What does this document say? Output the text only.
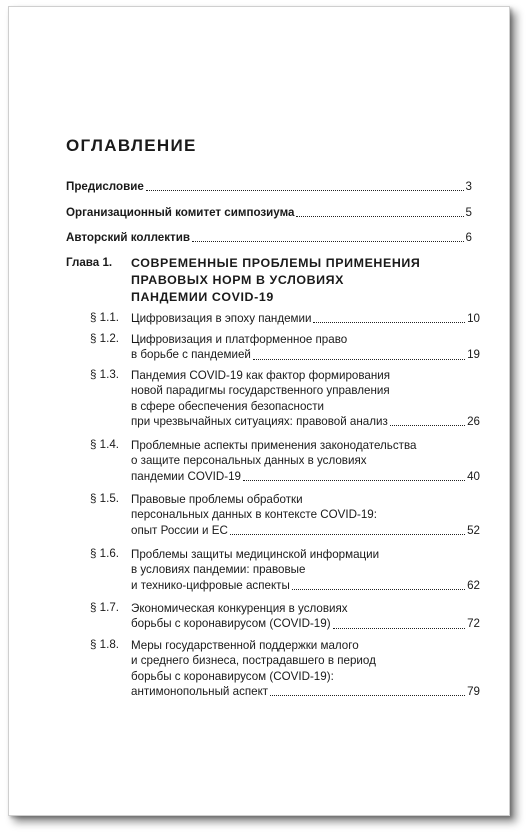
ОГЛАВЛЕНИЕ
Предисловие	3
Организационный комитет симпозиума	5
Авторский коллектив	6
Глава 1. СОВРЕМЕННЫЕ ПРОБЛЕМЫ ПРИМЕНЕНИЯ
ПРАВОВЫХ НОРМ В УСЛОВИЯХ
ПАНДЕМИИ COVID-19
§ 1.1. Цифровизация в эпоху пандемии	10
§ 1.2. Цифровизация и платформенное право
в борьбе с пандемией	19
§ 1.3. Пандемия COVID-19 как фактор формирования
новой парадигмы государственного управления
в сфере обеспечения безопасности
при чрезвычайных ситуациях: правовой анализ	26
§ 1.4. Проблемные аспекты применения законодательства
о защите персональных данных в условиях
пандемии COVID-19	40
§ 1.5. Правовые проблемы обработки
персональных данных в контексте COVID-19:
опыт России и ЕС	52
§ 1.6. Проблемы защиты медицинской информации
в условиях пандемии: правовые
и технико-цифровые аспекты	62
§ 1.7. Экономическая конкуренция в условиях
борьбы с коронавирусом (COVID-19)	72
§ 1.8. Меры государственной поддержки малого
и среднего бизнеса, пострадавшего в период
борьбы с коронавирусом (COVID-19):
антимонопольный аспект	79
